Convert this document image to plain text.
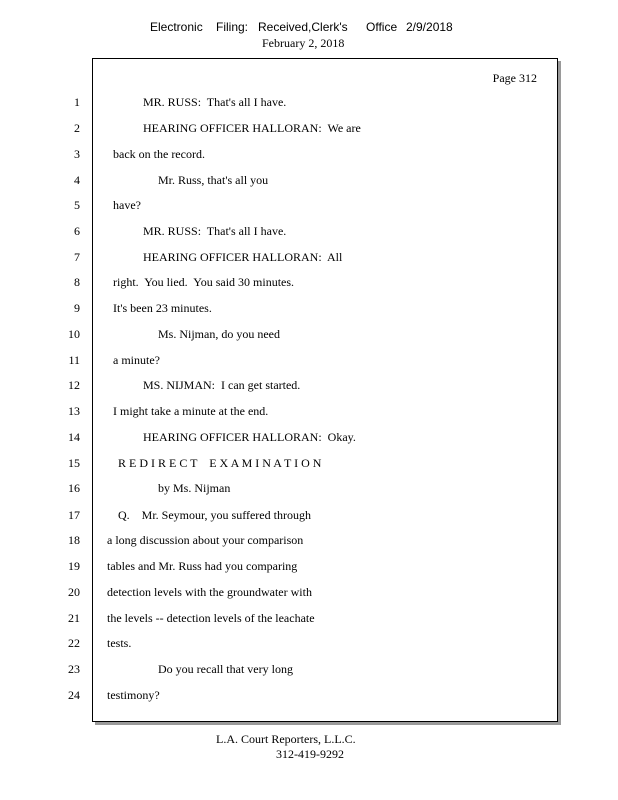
Electronic Filing: Received,Clerk's Office 2/9/2018
February 2, 2018
Page 312
1	MR. RUSS:  That's all I have.
2	HEARING OFFICER HALLORAN:  We are
3	back on the record.
4	Mr. Russ, that's all you
5	have?
6	MR. RUSS:  That's all I have.
7	HEARING OFFICER HALLORAN:  All
8	right.  You lied.  You said 30 minutes.
9	It's been 23 minutes.
10	Ms. Nijman, do you need
11	a minute?
12	MS. NIJMAN:  I can get started.
13	I might take a minute at the end.
14	HEARING OFFICER HALLORAN:  Okay.
15	R E D I R E C T    E X A M I N A T I O N
16	by Ms. Nijman
17	Q.    Mr. Seymour, you suffered through
18 a long discussion about your comparison
19 tables and Mr. Russ had you comparing
20 detection levels with the groundwater with
21 the levels -- detection levels of the leachate
22 tests.
23	Do you recall that very long
24 testimony?
L.A. Court Reporters, L.L.C.
312-419-9292
